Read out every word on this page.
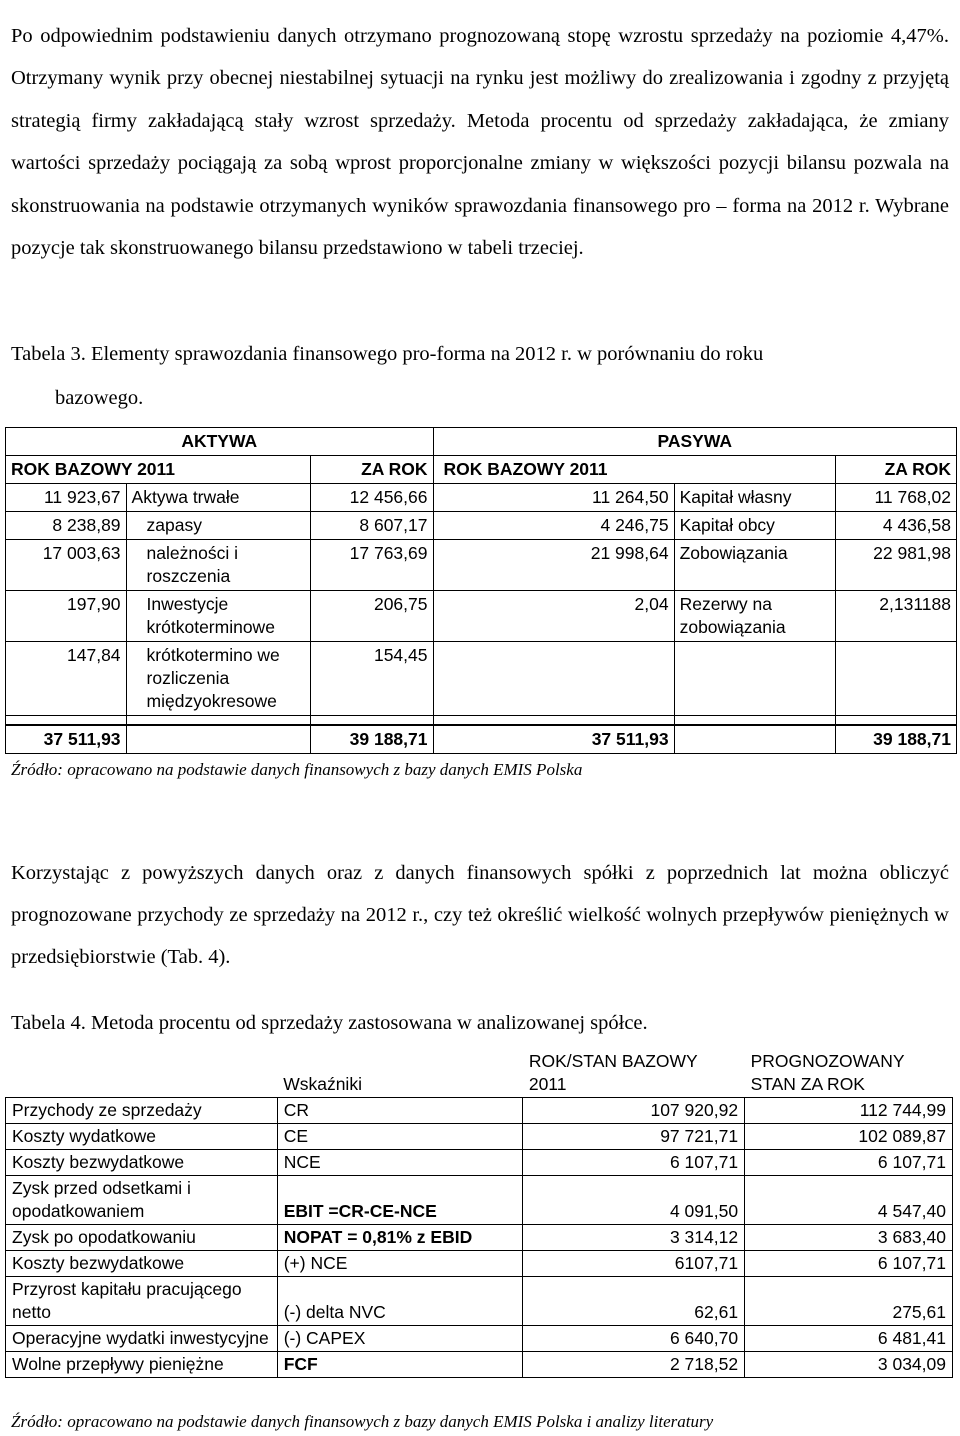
Po odpowiednim podstawieniu danych otrzymano prognozowaną stopę wzrostu sprzedaży na poziomie 4,47%. Otrzymany wynik przy obecnej niestabilnej sytuacji na rynku jest możliwy do zrealizowania i zgodny z przyjętą strategią firmy zakładającą stały wzrost sprzedaży. Metoda procentu od sprzedaży zakładająca, że zmiany wartości sprzedaży pociągają za sobą wprost proporcjonalne zmiany w większości pozycji bilansu pozwala na skonstruowania na podstawie otrzymanych wyników sprawozdania finansowego pro – forma na 2012 r. Wybrane pozycje tak skonstruowanego bilansu przedstawiono w tabeli trzeciej.

Tabela 3. Elementy sprawozdania finansowego pro-forma na 2012 r. w porównaniu do roku
bazowego.
AKTYWA			PASYWA		
ROK BAZOWY 2011		ZA ROK	ROK BAZOWY 2011		ZA ROK
11 923,67	Aktywa trwałe	12 456,66	11 264,50	Kapitał własny	11 768,02
8 238,89	zapasy	8 607,17	4 246,75	Kapitał obcy	4 436,58
17 003,63	należności i roszczenia	17 763,69	21 998,64	Zobowiązania	22 981,98
197,90	Inwestycje krótkoterminowe	206,75	2,04	Rezerwy na zobowiązania	2,131188
147,84	krótkotermino we rozliczenia międzyokresowe	154,45			

37 511,93		39 188,71	37 511,93		39 188,71
Źródło: opracowano na podstawie danych finansowych z bazy danych EMIS Polska

Korzystając z powyższych danych oraz z danych finansowych spółki z poprzednich lat można obliczyć prognozowane przychody ze sprzedaży na 2012 r., czy też określić wielkość wolnych przepływów pieniężnych w przedsiębiorstwie (Tab. 4).

Tabela 4. Metoda procentu od sprzedaży zastosowana w analizowanej spółce.
	Wskaźniki	ROK/STAN BAZOWY 2011	PROGNOZOWANY STAN ZA ROK
Przychody ze sprzedaży	CR	107 920,92	112 744,99
Koszty wydatkowe	CE	97 721,71	102 089,87
Koszty bezwydatkowe	NCE	6 107,71	6 107,71
Zysk przed odsetkami i opodatkowaniem	EBIT =CR-CE-NCE	4 091,50	4 547,40
Zysk po opodatkowaniu	NOPAT = 0,81% z EBID	3 314,12	3 683,40
Koszty bezwydatkowe	(+) NCE	6107,71	6 107,71
Przyrost kapitału pracującego netto	(-) delta NVC	62,61	275,61
Operacyjne wydatki inwestycyjne	(-) CAPEX	6 640,70	6 481,41
Wolne przepływy pieniężne	FCF	2 718,52	3 034,09
Źródło: opracowano na podstawie danych finansowych z bazy danych EMIS Polska i analizy literatury
